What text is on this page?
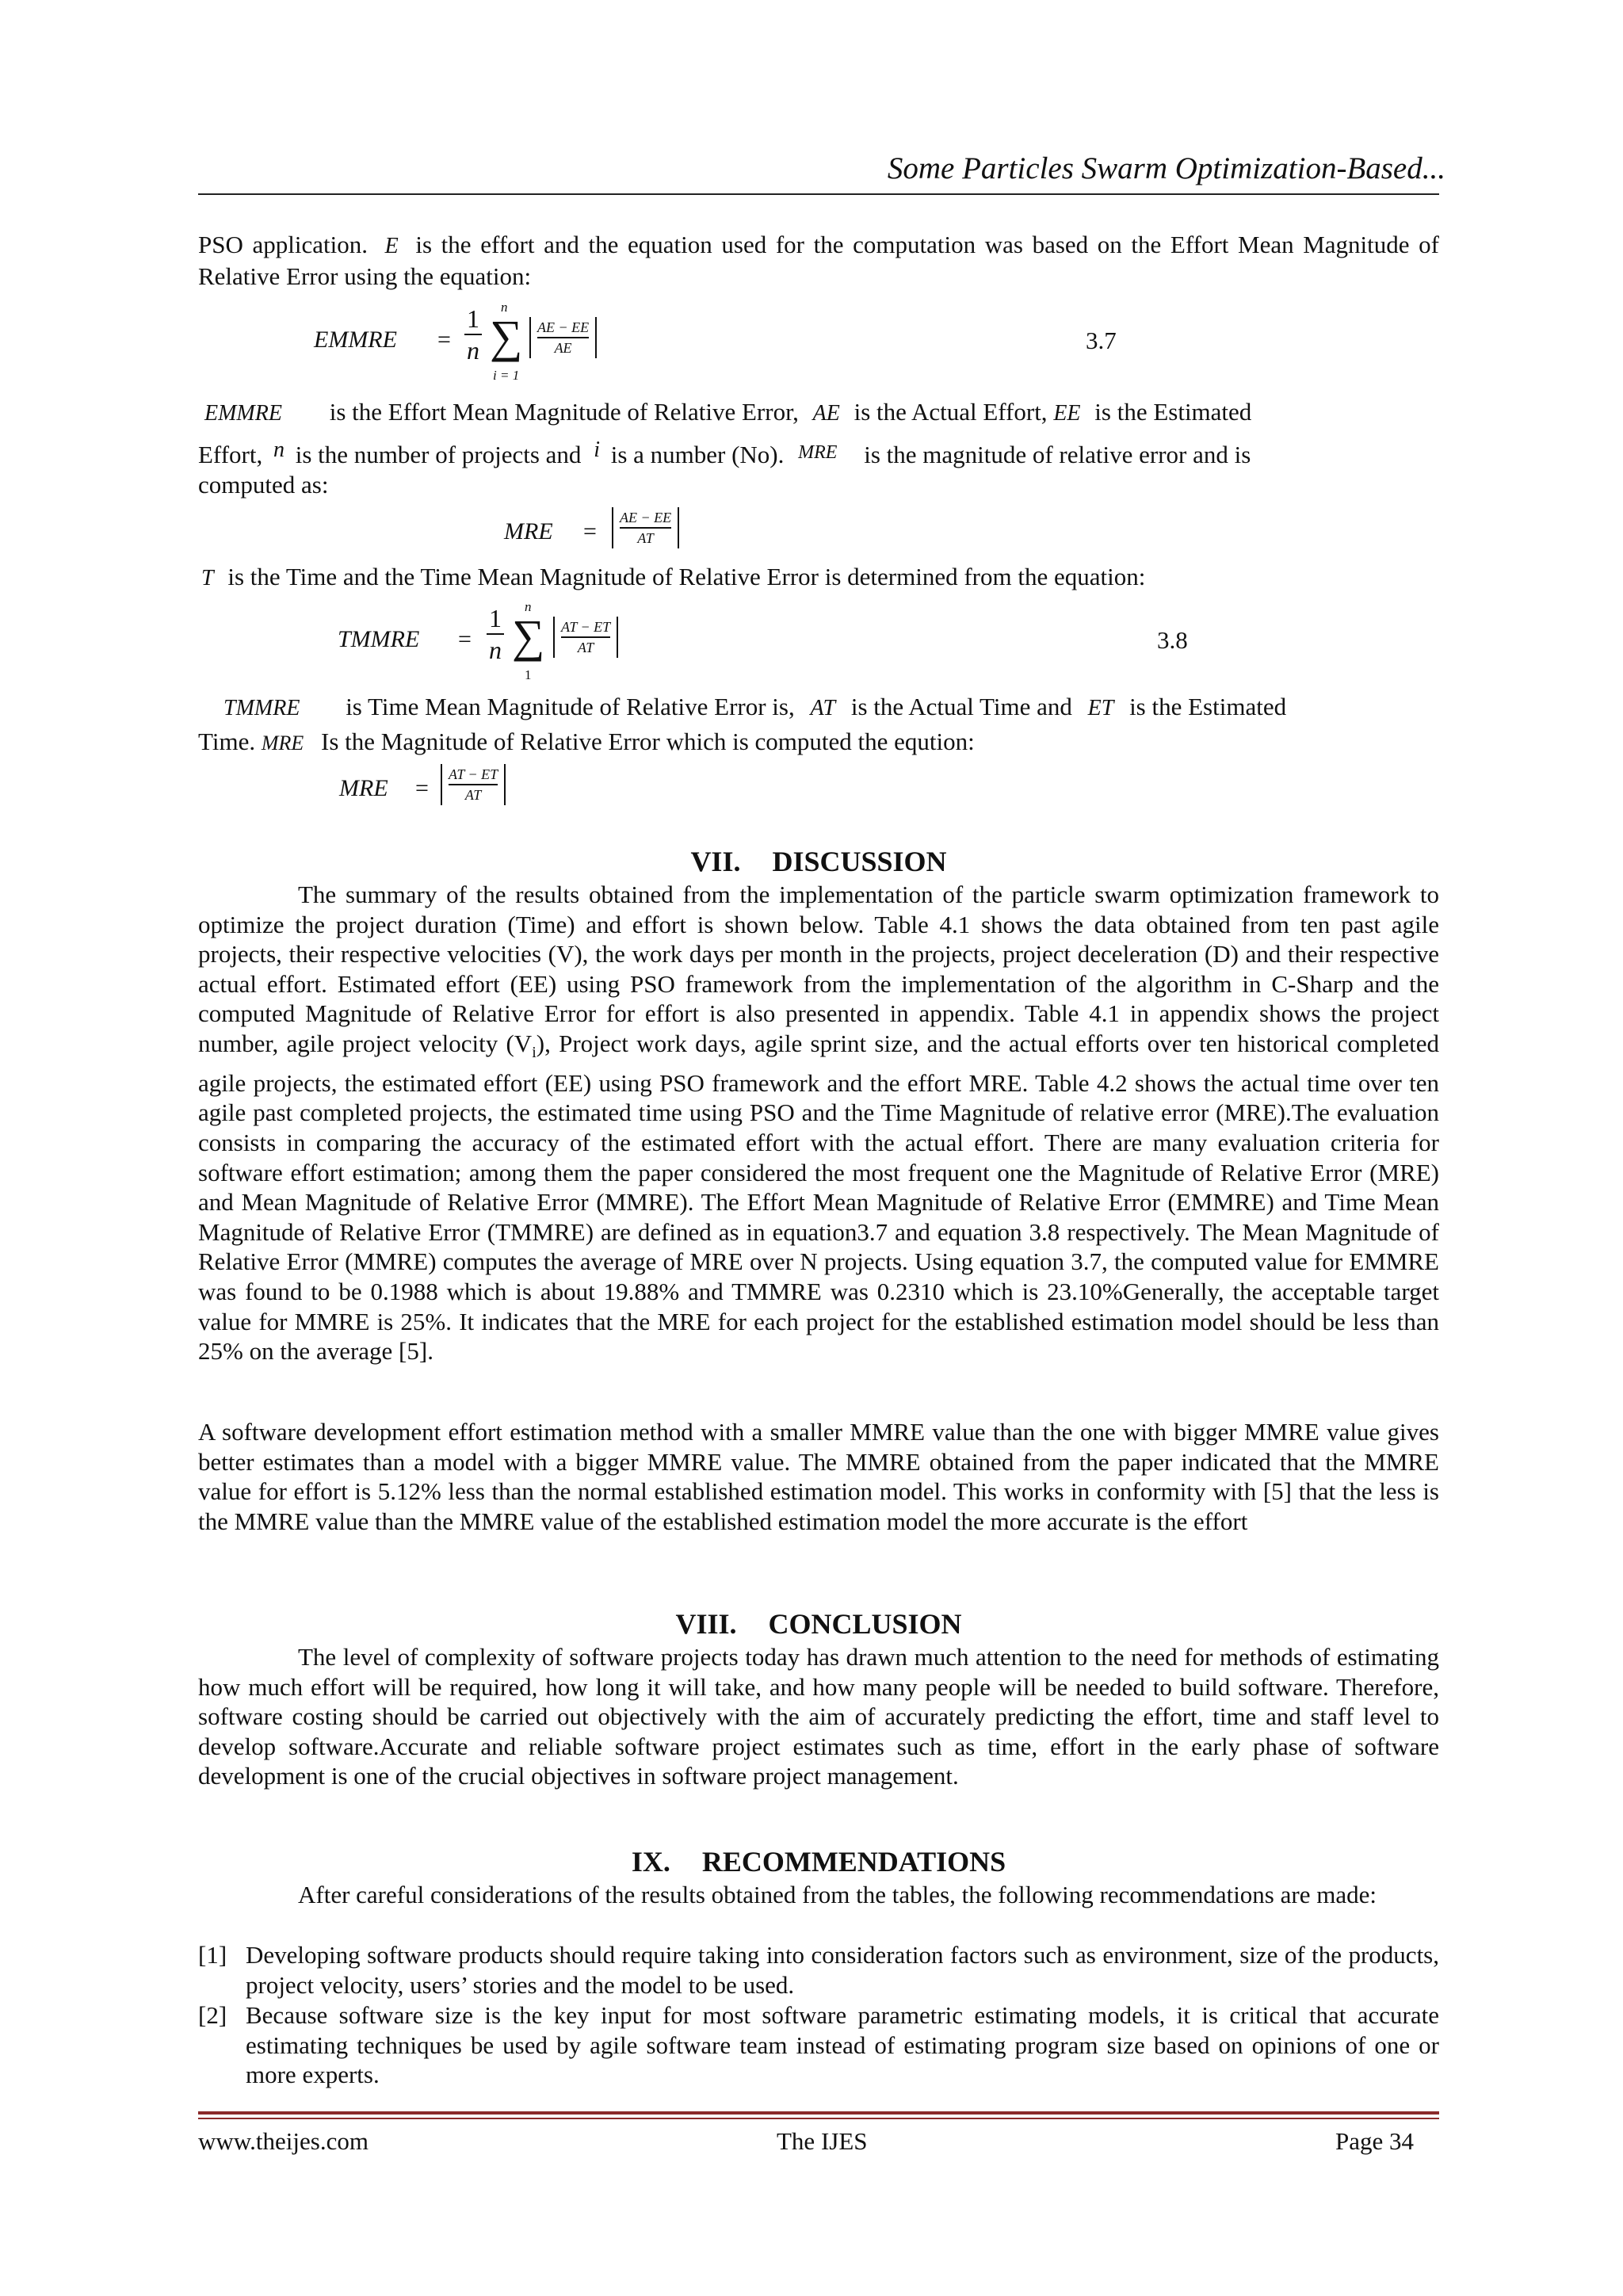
Some Particles Swarm Optimization-Based...
PSO application. E is the effort and the equation used for the computation was based on the Effort Mean Magnitude of Relative Error using the equation:
EMMRE =
1
n
n
∑
i = 1
AE − EE
AE	3.7
EMMRE is the Effort Mean Magnitude of Relative Error, AE is the Actual Effort, EE is the Estimated
Effort, n is the number of projects and i is a number (No). MRE is the magnitude of relative error and is
computed as:
MRE =
AE − EE
AT
T is the Time and the Time Mean Magnitude of Relative Error is determined from the equation:
TMMRE =
1
n
n
∑
1
AT − ET
AT	3.8
TMMRE is Time Mean Magnitude of Relative Error is, AT is the Actual Time and ET is the Estimated
Time. MRE Is the Magnitude of Relative Error which is computed the eqution:
MRE =
AT − ET
AT
VII. DISCUSSION
The summary of the results obtained from the implementation of the particle swarm optimization framework to optimize the project duration (Time) and effort is shown below. Table 4.1 shows the data obtained from ten past agile projects, their respective velocities (V), the work days per month in the projects, project deceleration (D) and their respective actual effort. Estimated effort (EE) using PSO framework from the implementation of the algorithm in C-Sharp and the computed Magnitude of Relative Error for effort is also presented in appendix. Table 4.1 in appendix shows the project number, agile project velocity $(V_i)$, Project work days, agile sprint size, and the actual efforts over ten historical completed agile projects, the estimated effort (EE) using PSO framework and the effort MRE. Table 4.2 shows the actual time over ten agile past completed projects, the estimated time using PSO and the Time Magnitude of relative error (MRE).The evaluation consists in comparing the accuracy of the estimated effort with the actual effort. There are many evaluation criteria for software effort estimation; among them the paper considered the most frequent one the Magnitude of Relative Error (MRE) and Mean Magnitude of Relative Error (MMRE). The Effort Mean Magnitude of Relative Error (EMMRE) and Time Mean Magnitude of Relative Error (TMMRE) are defined as in equation3.7 and equation 3.8 respectively. The Mean Magnitude of Relative Error (MMRE) computes the average of MRE over N projects. Using equation 3.7, the computed value for EMMRE was found to be 0.1988 which is about 19.88% and TMMRE was 0.2310 which is 23.10%Generally, the acceptable target value for MMRE is 25%. It indicates that the MRE for each project for the established estimation model should be less than 25% on the average [5].
A software development effort estimation method with a smaller MMRE value than the one with bigger MMRE value gives better estimates than a model with a bigger MMRE value. The MMRE obtained from the paper indicated that the MMRE value for effort is 5.12% less than the normal established estimation model. This works in conformity with [5] that the less is the MMRE value than the MMRE value of the established estimation model the more accurate is the effort
VIII. CONCLUSION
The level of complexity of software projects today has drawn much attention to the need for methods of estimating how much effort will be required, how long it will take, and how many people will be needed to build software. Therefore, software costing should be carried out objectively with the aim of accurately predicting the effort, time and staff level to develop software.Accurate and reliable software project estimates such as time, effort in the early phase of software development is one of the crucial objectives in software project management.
IX. RECOMMENDATIONS
After careful considerations of the results obtained from the tables, the following recommendations are made:
[1] Developing software products should require taking into consideration factors such as environment, size of the products, project velocity, users’ stories and the model to be used.
[2] Because software size is the key input for most software parametric estimating models, it is critical that accurate estimating techniques be used by agile software team instead of estimating program size based on opinions of one or more experts.
www.theijes.com	The IJES	Page 34
